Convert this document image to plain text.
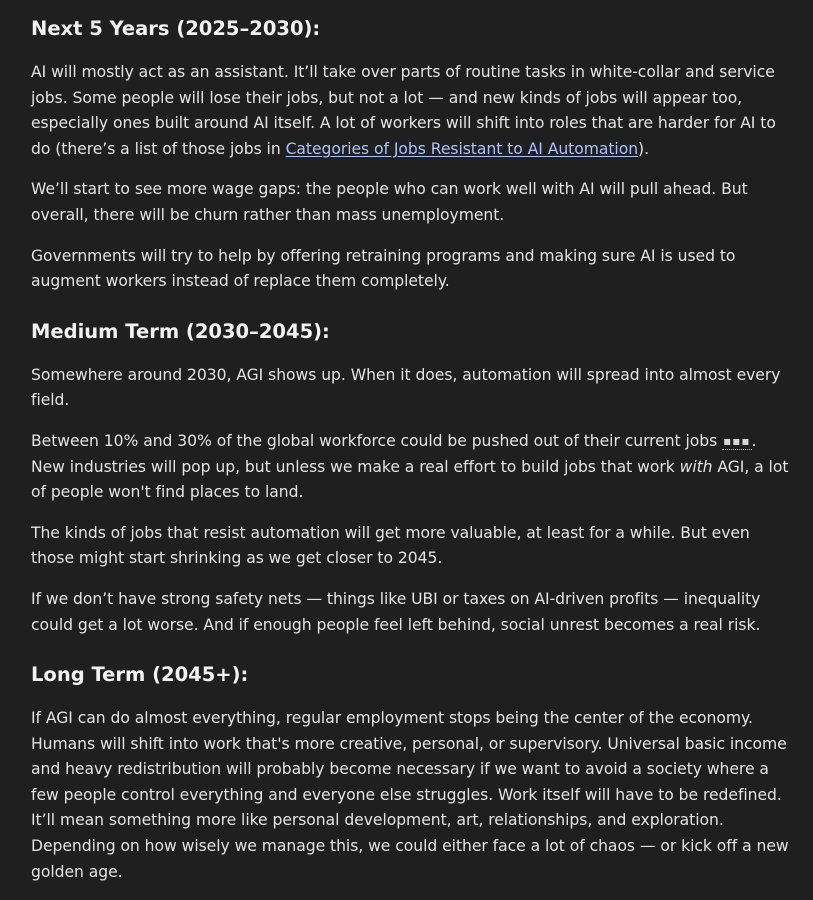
Next 5 Years (2025–2030):

AI will mostly act as an assistant. It’ll take over parts of routine tasks in white-collar and service jobs. Some people will lose their jobs, but not a lot — and new kinds of jobs will appear too, especially ones built around AI itself. A lot of workers will shift into roles that are harder for AI to do (there’s a list of those jobs in Categories of Jobs Resistant to AI Automation).

We’ll start to see more wage gaps: the people who can work well with AI will pull ahead. But overall, there will be churn rather than mass unemployment.

Governments will try to help by offering retraining programs and making sure AI is used to augment workers instead of replace them completely.

Medium Term (2030–2045):

Somewhere around 2030, AGI shows up. When it does, automation will spread into almost every field.

Between 10% and 30% of the global workforce could be pushed out of their current jobs ▪▪▪. New industries will pop up, but unless we make a real effort to build jobs that work with AGI, a lot of people won't find places to land.

The kinds of jobs that resist automation will get more valuable, at least for a while. But even those might start shrinking as we get closer to 2045.

If we don’t have strong safety nets — things like UBI or taxes on AI-driven profits — inequality could get a lot worse. And if enough people feel left behind, social unrest becomes a real risk.

Long Term (2045+):

If AGI can do almost everything, regular employment stops being the center of the economy. Humans will shift into work that's more creative, personal, or supervisory. Universal basic income and heavy redistribution will probably become necessary if we want to avoid a society where a few people control everything and everyone else struggles. Work itself will have to be redefined. It’ll mean something more like personal development, art, relationships, and exploration. Depending on how wisely we manage this, we could either face a lot of chaos — or kick off a new golden age.
